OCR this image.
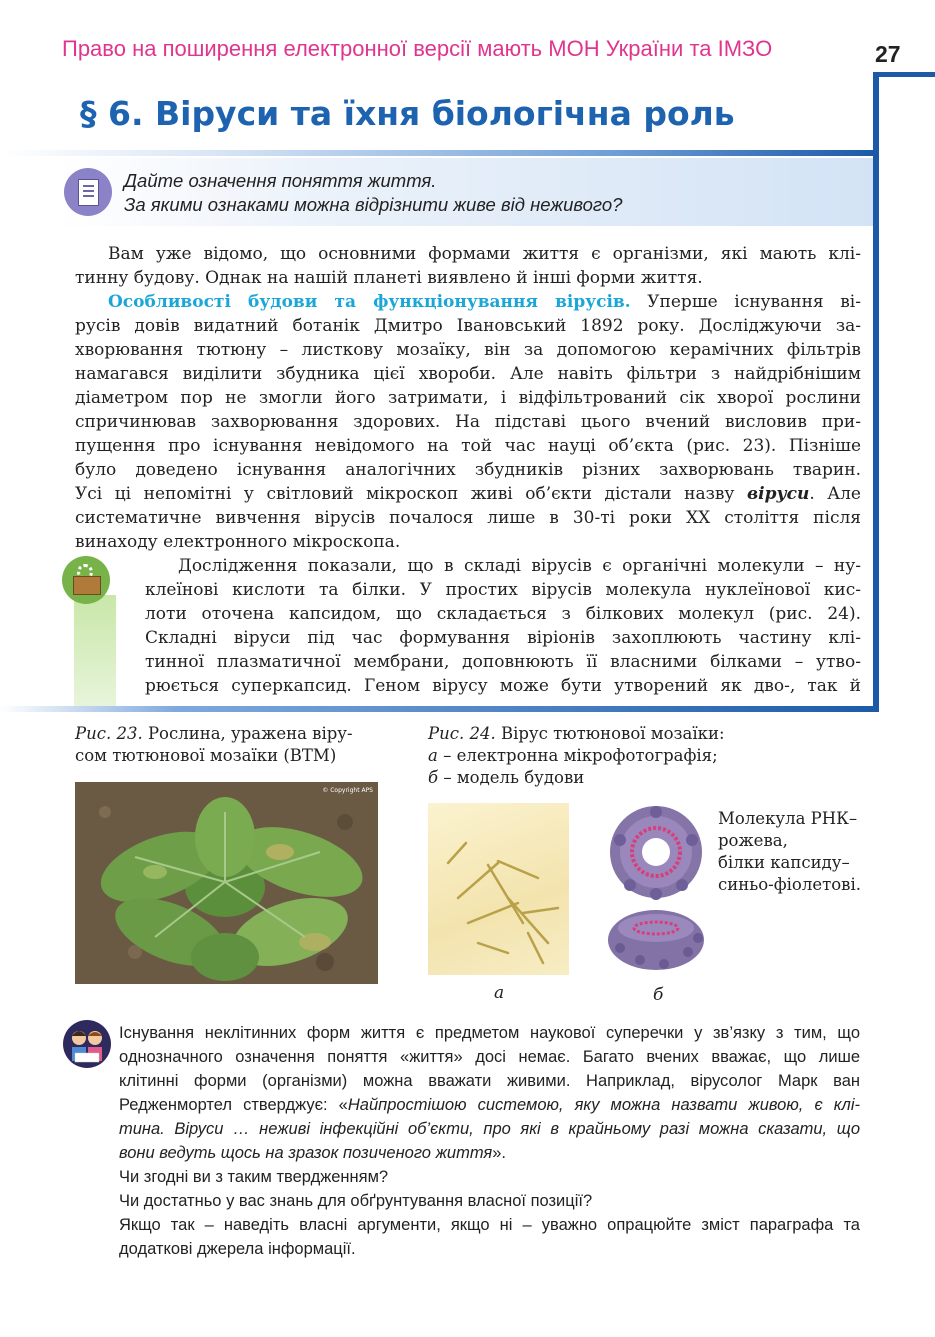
Право на поширення електронної версії мають МОН України та ІМЗО	27
§ 6. Віруси та їхня біологічна роль
Дайте означення поняття життя.
За якими ознаками можна відрізнити живе від неживого?
Вам уже відомо, що основними формами життя є організми, які мають клі-
тинну будову. Однак на нашій планеті виявлено й інші форми життя.
Особливості будови та функціонування вірусів. Уперше існування ві-
русів довів видатний ботанік Дмитро Івановський 1892 року. Досліджуючи за-
хворювання тютюну – листкову мозаїку, він за допомогою керамічних фільтрів
намагався виділити збудника цієї хвороби. Але навіть фільтри з найдрібнішим
діаметром пор не змогли його затримати, і відфільтрований сік хворої рослини
спричинював захворювання здорових. На підставі цього вчений висловив при-
пущення про існування невідомого на той час науці об’єкта (рис. 23). Пізніше
було доведено існування аналогічних збудників різних захворювань тварин.
Усі ці непомітні у світловий мікроскоп живі об’єкти дістали назву віруси. Але
систематичне вивчення вірусів почалося лише в 30-ті роки XX століття після
винаходу електронного мікроскопа.
Дослідження показали, що в складі вірусів є органічні молекули – ну-
клеїнові кислоти та білки. У простих вірусів молекула нуклеїнової кис-
лоти оточена капсидом, що складається з білкових молекул (рис. 24).
Складні віруси під час формування віріонів захоплюють частину клі-
тинної плазматичної мембрани, доповнюють її власними білками – утво-
рюється суперкапсид. Геном вірусу може бути утворений як дво-, так й
Рис. 23. Рослина, уражена віру-
сом тютюнової мозаїки (ВТМ)
Рис. 24. Вірус тютюнової мозаїки:
а – електронна мікрофотографія;
б – модель будови
© Copyright APS
Молекула РНК–
рожева,
білки капсиду–
синьо-фіолетові.
а	б
Існування неклітинних форм життя є предметом наукової суперечки у зв’язку з тим, що
однозначного означення поняття «життя» досі немає. Багато вчених вважає, що лише
клітинні форми (організми) можна вважати живими. Наприклад, вірусолог Марк ван
Редженмортел стверджує: «Найпростішою системою, яку можна назвати живою, є клі-
тина. Віруси … неживі інфекційні об’єкти, про які в крайньому разі можна сказати, що
вони ведуть щось на зразок позиченого життя».
Чи згодні ви з таким твердженням?
Чи достатньо у вас знань для обґрунтування власної позиції?
Якщо так – наведіть власні аргументи, якщо ні – уважно опрацюйте зміст параграфа та
додаткові джерела інформації.
